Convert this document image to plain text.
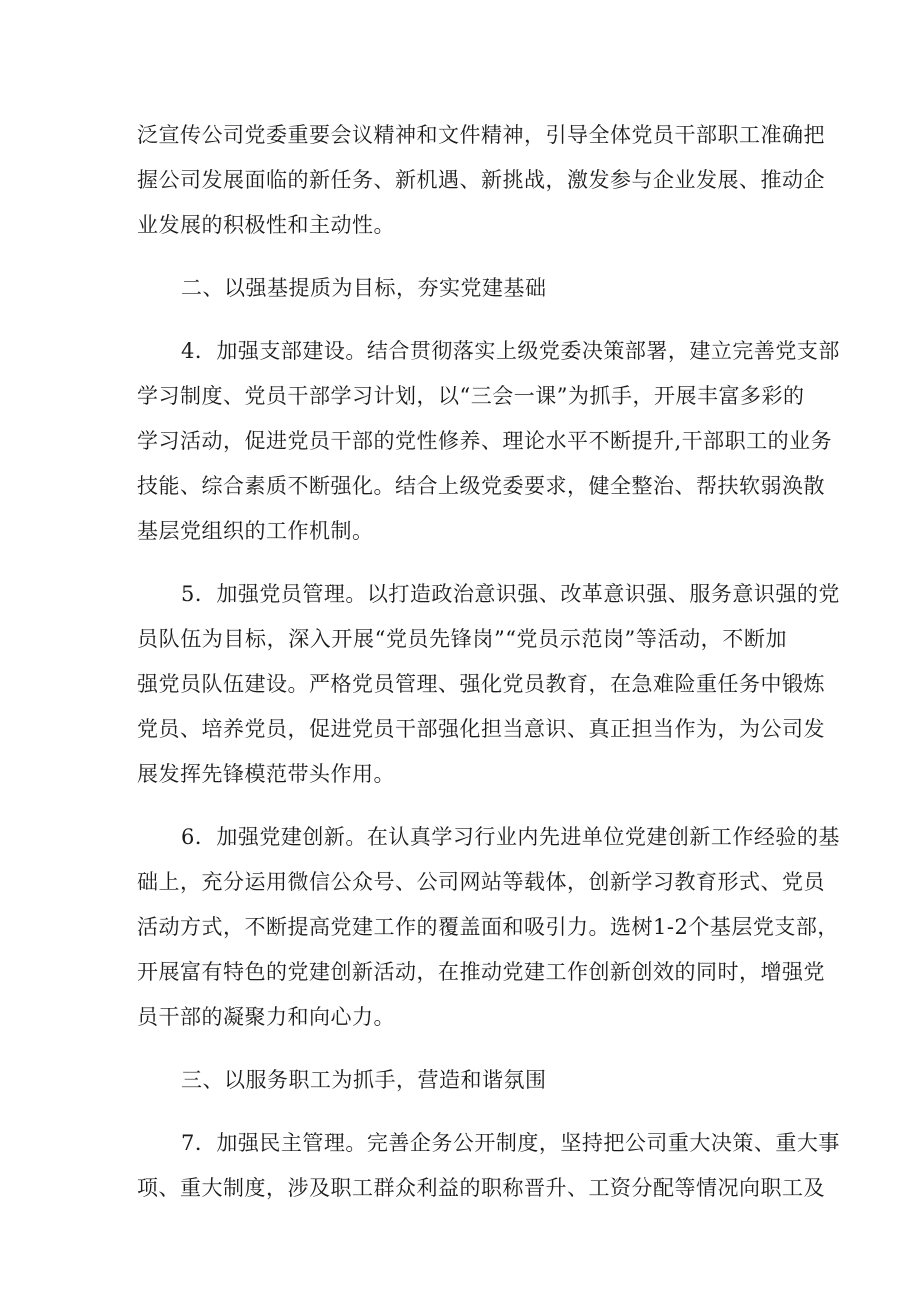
泛宣传公司党委重要会议精神和文件精神，引导全体党员干部职工准确把
握公司发展面临的新任务、新机遇、新挑战，激发参与企业发展、推动企
业发展的积极性和主动性。
二、以强基提质为目标，夯实党建基础
4．加强支部建设。结合贯彻落实上级党委决策部署，建立完善党支部
学习制度、党员干部学习计划，以“三会一课”为抓手，开展丰富多彩的
学习活动，促进党员干部的党性修养、理论水平不断提升,干部职工的业务
技能、综合素质不断强化。结合上级党委要求，健全整治、帮扶软弱涣散
基层党组织的工作机制。
5．加强党员管理。以打造政治意识强、改革意识强、服务意识强的党
员队伍为目标，深入开展“党员先锋岗”“党员示范岗”等活动，不断加
强党员队伍建设。严格党员管理、强化党员教育，在急难险重任务中锻炼
党员、培养党员，促进党员干部强化担当意识、真正担当作为，为公司发
展发挥先锋模范带头作用。
6．加强党建创新。在认真学习行业内先进单位党建创新工作经验的基
础上，充分运用微信公众号、公司网站等载体，创新学习教育形式、党员
活动方式，不断提高党建工作的覆盖面和吸引力。选树1-2个基层党支部，
开展富有特色的党建创新活动，在推动党建工作创新创效的同时，增强党
员干部的凝聚力和向心力。
三、以服务职工为抓手，营造和谐氛围
7．加强民主管理。完善企务公开制度，坚持把公司重大决策、重大事
项、重大制度，涉及职工群众利益的职称晋升、工资分配等情况向职工及
